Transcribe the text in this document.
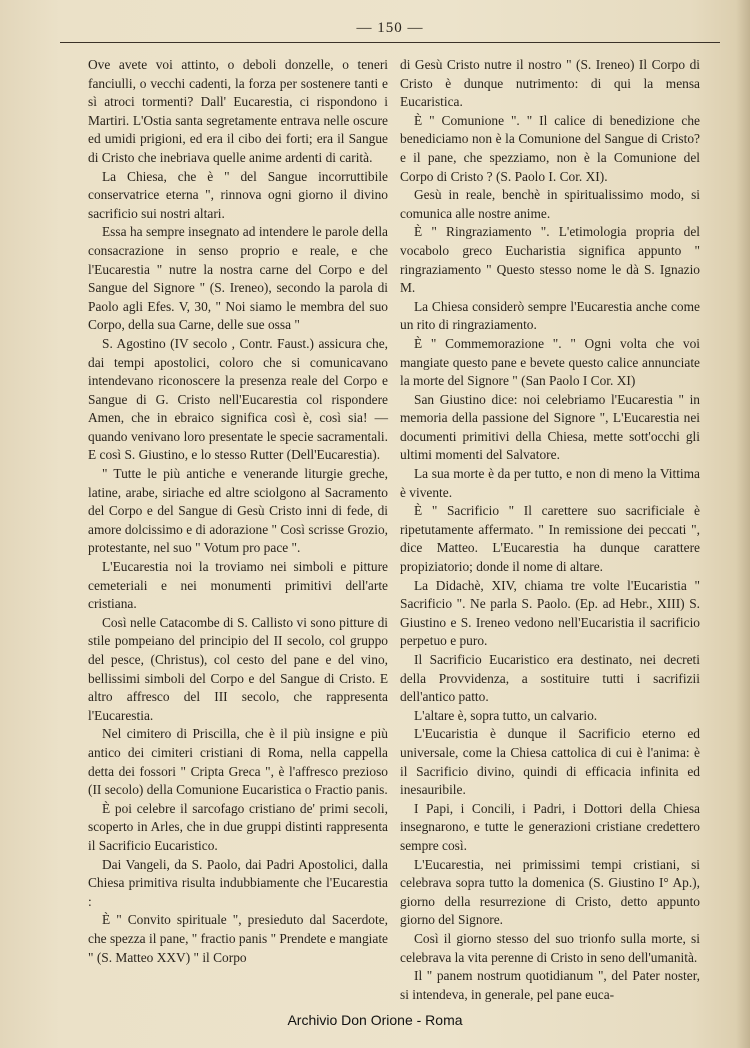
— 150 —

Ove avete voi attinto, o deboli donzelle, o teneri fanciulli, o vecchi cadenti, la forza per sostenere tanti e sì atroci tormenti? Dall' Eucarestia, ci rispondono i Martiri. L'Ostia santa segretamente entrava nelle oscure ed umidi prigioni, ed era il cibo dei forti; era il Sangue di Cristo che inebriava quelle anime ardenti di carità.

La Chiesa, che è " del Sangue incorruttibile conservatrice eterna ", rinnova ogni giorno il divino sacrificio sui nostri altari.

Essa ha sempre insegnato ad intendere le parole della consacrazione in senso proprio e reale, e che l'Eucarestia " nutre la nostra carne del Corpo e del Sangue del Signore " (S. Ireneo), secondo la parola di Paolo agli Efes. V, 30, " Noi siamo le membra del suo Corpo, della sua Carne, delle sue ossa "

S. Agostino (IV secolo , Contr. Faust.) assicura che, dai tempi apostolici, coloro che si comunicavano intendevano riconoscere la presenza reale del Corpo e Sangue di G. Cristo nell'Eucarestia col rispondere Amen, che in ebraico significa così è, così sia! — quando venivano loro presentate le specie sacramentali. E così S. Giustino, e lo stesso Rutter (Dell'Eucarestia).

" Tutte le più antiche e venerande liturgie greche, latine, arabe, siriache ed altre sciolgono al Sacramento del Corpo e del Sangue di Gesù Cristo inni di fede, di amore dolcissimo e di adorazione " Così scrisse Grozio, protestante, nel suo " Votum pro pace ".

L'Eucarestia noi la troviamo nei simboli e pitture cemeteriali e nei monumenti primitivi dell'arte cristiana.

Così nelle Catacombe di S. Callisto vi sono pitture di stile pompeiano del principio del II secolo, col gruppo del pesce, (Christus), col cesto del pane e del vino, bellissimi simboli del Corpo e del Sangue di Cristo. E altro affresco del III secolo, che rappresenta l'Eucarestia.

Nel cimitero di Priscilla, che è il più insigne e più antico dei cimiteri cristiani di Roma, nella cappella detta dei fossori " Cripta Greca ", è l'affresco prezioso (II secolo) della Comunione Eucaristica o Fractio panis.

È poi celebre il sarcofago cristiano de' primi secoli, scoperto in Arles, che in due gruppi distinti rappresenta il Sacrificio Eucaristico.

Dai Vangeli, da S. Paolo, dai Padri Apostolici, dalla Chiesa primitiva risulta indubbiamente che l'Eucarestia :

È " Convito spirituale ", presieduto dal Sacerdote, che spezza il pane, " fractio panis " Prendete e mangiate " (S. Matteo XXV) " il Corpo

di Gesù Cristo nutre il nostro " (S. Ireneo) Il Corpo di Cristo è dunque nutrimento: di qui la mensa Eucaristica.

È " Comunione ". " Il calice di benedizione che benediciamo non è la Comunione del Sangue di Cristo? e il pane, che spezziamo, non è la Comunione del Corpo di Cristo ? (S. Paolo I. Cor. XI).

Gesù in reale, benchè in spiritualissimo modo, si comunica alle nostre anime.

È " Ringraziamento ". L'etimologia propria del vocabolo greco Eucharistia significa appunto " ringraziamento " Questo stesso nome le dà S. Ignazio M.

La Chiesa considerò sempre l'Eucarestia anche come un rito di ringraziamento.

È " Commemorazione ". " Ogni volta che voi mangiate questo pane e bevete questo calice annunciate la morte del Signore " (San Paolo I Cor. XI)

San Giustino dice: noi celebriamo l'Eucarestia " in memoria della passione del Signore ", L'Eucarestia nei documenti primitivi della Chiesa, mette sott'occhi gli ultimi momenti del Salvatore.

La sua morte è da per tutto, e non di meno la Vittima è vivente.

È " Sacrificio " Il carettere suo sacrificiale è ripetutamente affermato. " In remissione dei peccati ", dice Matteo. L'Eucarestia ha dunque carattere propiziatorio; donde il nome di altare.

La Didachè, XIV, chiama tre volte l'Eucaristia " Sacrificio ". Ne parla S. Paolo. (Ep. ad Hebr., XIII) S. Giustino e S. Ireneo vedono nell'Eucaristia il sacrificio perpetuo e puro.

Il Sacrificio Eucaristico era destinato, nei decreti della Provvidenza, a sostituire tutti i sacrifizii dell'antico patto.

L'altare è, sopra tutto, un calvario.

L'Eucaristia è dunque il Sacrificio eterno ed universale, come la Chiesa cattolica di cui è l'anima: è il Sacrificio divino, quindi di efficacia infinita ed inesauribile.

I Papi, i Concili, i Padri, i Dottori della Chiesa insegnarono, e tutte le generazioni cristiane credettero sempre così.

L'Eucarestia, nei primissimi tempi cristiani, si celebrava sopra tutto la domenica (S. Giustino I° Ap.), giorno della resurrezione di Cristo, detto appunto giorno del Signore.

Così il giorno stesso del suo trionfo sulla morte, si celebrava la vita perenne di Cristo in seno dell'umanità.

Il " panem nostrum quotidianum ", del Pater noster, si intendeva, in generale, pel pane euca-

Archivio Don Orione - Roma
